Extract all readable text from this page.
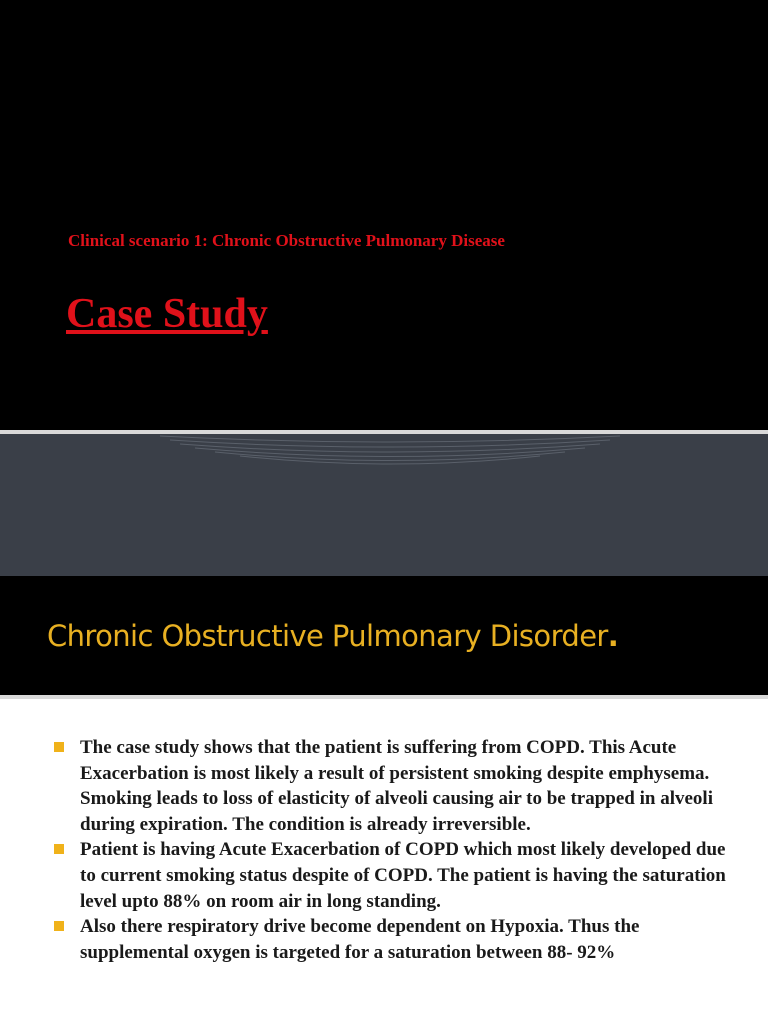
Clinical scenario 1: Chronic Obstructive Pulmonary Disease
Case Study
Chronic Obstructive Pulmonary Disorder.
The case study shows that the patient is suffering from COPD. This Acute Exacerbation is most likely a result of persistent smoking despite emphysema. Smoking leads to loss of elasticity of alveoli causing air to be trapped in alveoli during expiration. The condition is already irreversible.
Patient is having Acute Exacerbation of COPD which most likely developed due to current smoking status despite of COPD. The patient is having the saturation level upto 88% on room air in long standing.
Also there respiratory drive become dependent on Hypoxia. Thus the supplemental oxygen is targeted for a saturation between 88- 92%
